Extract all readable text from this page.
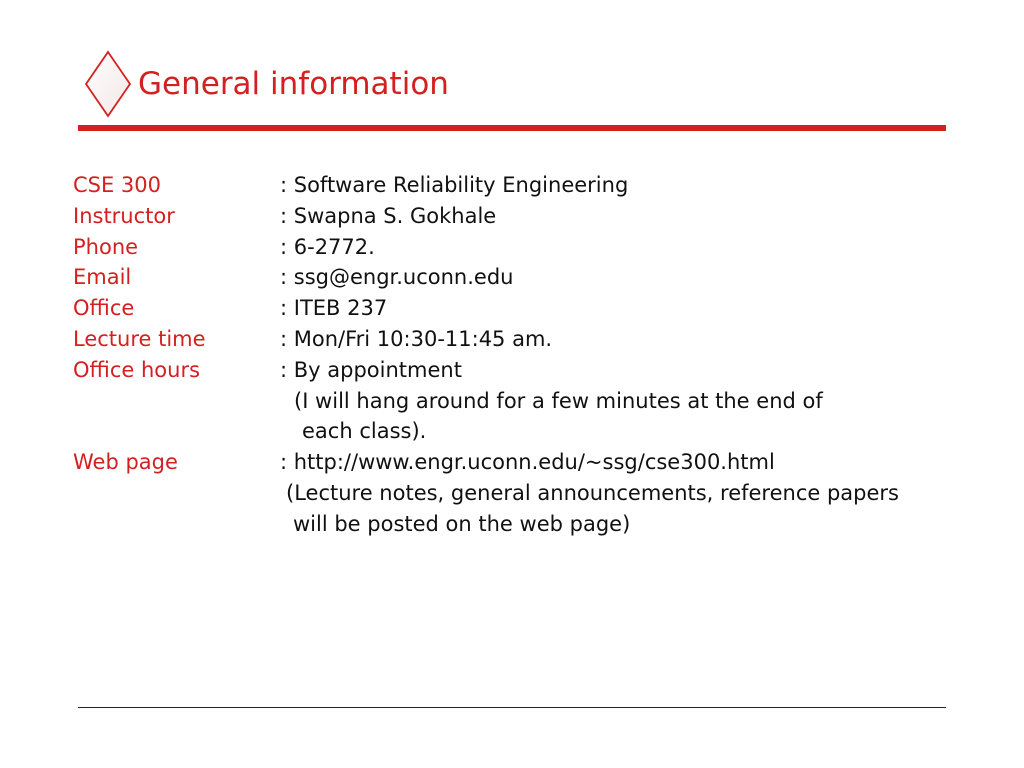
General information
CSE 300	: Software Reliability Engineering
Instructor	: Swapna S. Gokhale
Phone	: 6-2772.
Email	: ssg@engr.uconn.edu
Office	: ITEB 237
Lecture time	: Mon/Fri 10:30-11:45 am.
Office hours	: By appointment
(I will hang around for a few minutes at the end of
each class).
Web page	: http://www.engr.uconn.edu/~ssg/cse300.html
(Lecture notes, general announcements, reference papers
will be posted on the web page)
